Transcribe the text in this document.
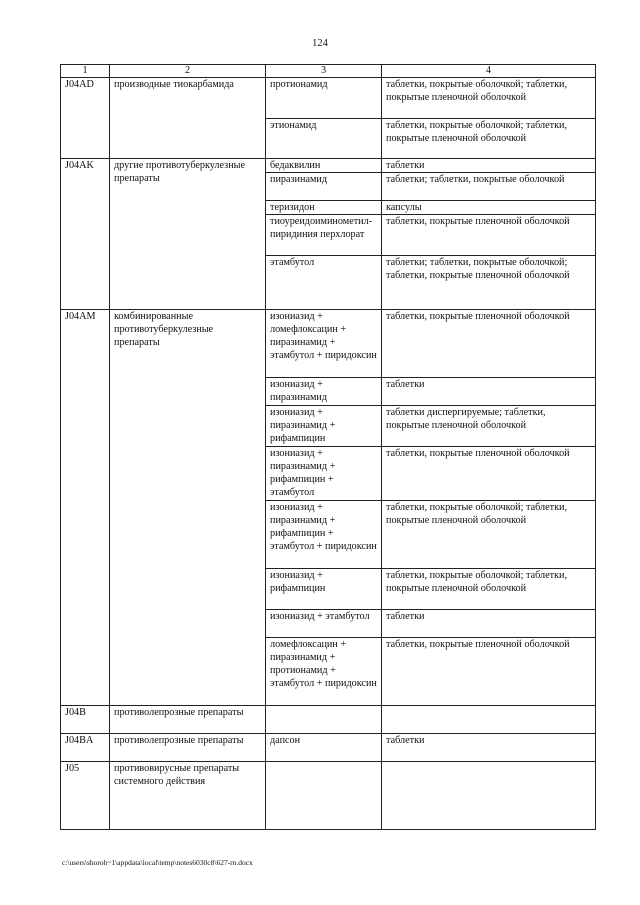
124
1	2	3	4
J04AD	производные тиокарбамида	протионамид	таблетки, покрытые оболочкой; таблетки, покрытые пленочной оболочкой
		этионамид	таблетки, покрытые оболочкой; таблетки, покрытые пленочной оболочкой
J04AK	другие противотуберкулезные препараты	бедаквилин	таблетки
		пиразинамид	таблетки; таблетки, покрытые оболочкой
		теризидон	капсулы
		тиоуреидоиминометил-пиридиния перхлорат	таблетки, покрытые пленочной оболочкой
		этамбутол	таблетки; таблетки, покрытые оболочкой; таблетки, покрытые пленочной оболочкой
J04AM	комбинированные противотуберкулезные препараты	изониазид + ломефлоксацин + пиразинамид + этамбутол + пиридоксин	таблетки, покрытые пленочной оболочкой
		изониазид + пиразинамид	таблетки
		изониазид + пиразинамид + рифампицин	таблетки диспергируемые; таблетки, покрытые пленочной оболочкой
		изониазид + пиразинамид + рифампицин + этамбутол	таблетки, покрытые пленочной оболочкой
		изониазид + пиразинамид + рифампицин + этамбутол + пиридоксин	таблетки, покрытые оболочкой; таблетки, покрытые пленочной оболочкой
		изониазид + рифампицин	таблетки, покрытые оболочкой; таблетки, покрытые пленочной оболочкой
		изониазид + этамбутол	таблетки
		ломефлоксацин + пиразинамид + протионамид + этамбутол + пиридоксин	таблетки, покрытые пленочной оболочкой
J04B	противолепрозные препараты		
J04BA	противолепрозные препараты	дапсон	таблетки
J05	противовирусные препараты системного действия		
c:\users\shoroh~1\appdata\local\temp\notes6030c8\627-rn.docx
